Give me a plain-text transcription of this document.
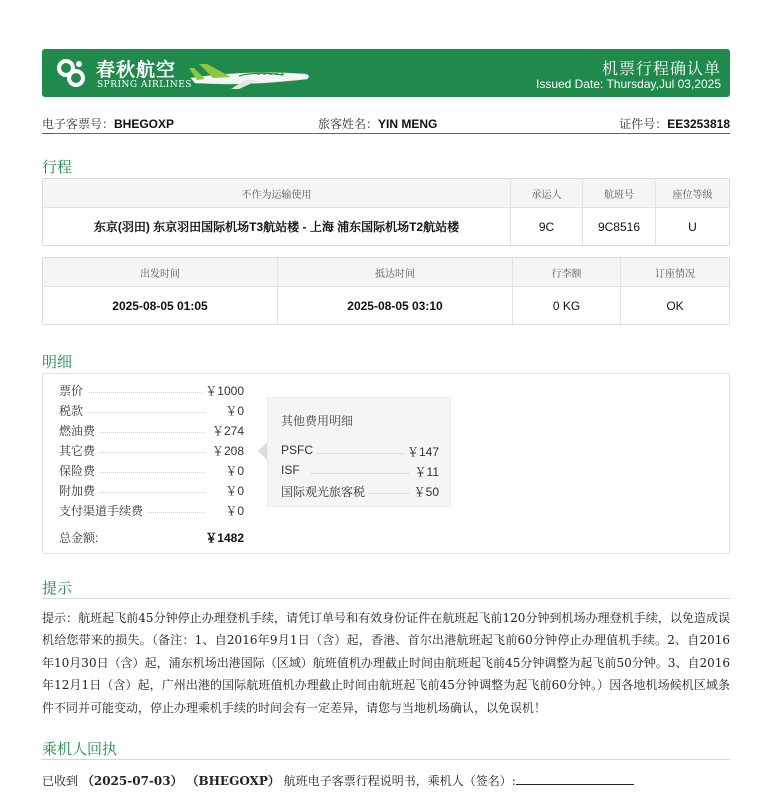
春秋航空
SPRING AIRLINES
机票行程确认单
Issued Date: Thursday,Jul 03,2025
电子客票号：BHEGOXP	旅客姓名：YIN MENG	证件号：EE3253818
行程
不作为运输使用	承运人	航班号	座位等级
东京(羽田) 东京羽田国际机场T3航站楼 - 上海 浦东国际机场T2航站楼	9C	9C8516	U
出发时间	抵达时间	行李额	订座情况
2025-08-05 01:05	2025-08-05 03:10	0 KG	OK
明细
票价	￥1000
税款	￥0
燃油费	￥274
其它费	￥208
保险费	￥0
附加费	￥0
支付渠道手续费	￥0
总金额:	￥1482
其他费用明细
PSFC	￥147
ISF	￥11
国际观光旅客税	￥50
提示
提示：航班起飞前45分钟停止办理登机手续，请凭订单号和有效身份证件在航班起飞前120分钟到机场办理登机手续，以免造成误机给您带来的损失。（备注：1、自2016年9月1日（含）起，香港、首尔出港航班起飞前60分钟停止办理值机手续。2、自2016年10月30日（含）起，浦东机场出港国际（区域）航班值机办理截止时间由航班起飞前45分钟调整为起飞前50分钟。3、自2016年12月1日（含）起，广州出港的国际航班值机办理截止时间由航班起飞前45分钟调整为起飞前60分钟。）因各地机场候机区域条件不同并可能变动，停止办理乘机手续的时间会有一定差异，请您与当地机场确认，以免误机！
乘机人回执
已收到 （2025-07-03） （BHEGOXP） 航班电子客票行程说明书，乘机人（签名）:
